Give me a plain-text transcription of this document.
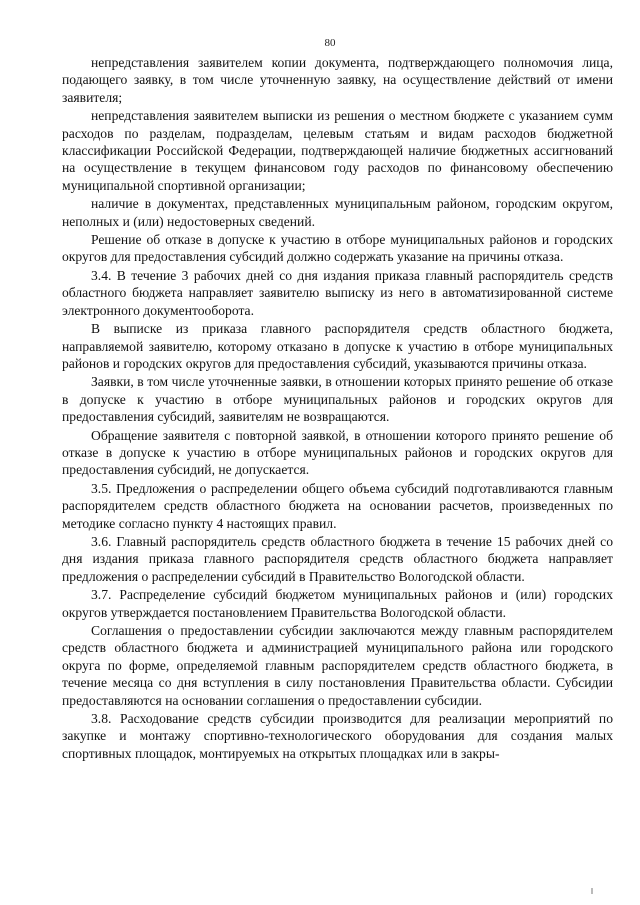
80

непредставления заявителем копии документа, подтверждающего полномочия лица, подающего заявку, в том числе уточненную заявку, на осуществление действий от имени заявителя;

непредставления заявителем выписки из решения о местном бюджете с указанием сумм расходов по разделам, подразделам, целевым статьям и видам расходов бюджетной классификации Российской Федерации, подтверждающей наличие бюджетных ассигнований на осуществление в текущем финансовом году расходов по финансовому обеспечению муниципальной спортивной организации;

наличие в документах, представленных муниципальным районом, городским округом, неполных и (или) недостоверных сведений.

Решение об отказе в допуске к участию в отборе муниципальных районов и городских округов для предоставления субсидий должно содержать указание на причины отказа.

3.4. В течение 3 рабочих дней со дня издания приказа главный распорядитель средств областного бюджета направляет заявителю выписку из него в автоматизированной системе электронного документооборота.

В выписке из приказа главного распорядителя средств областного бюджета, направляемой заявителю, которому отказано в допуске к участию в отборе муниципальных районов и городских округов для предоставления субсидий, указываются причины отказа.

Заявки, в том числе уточненные заявки, в отношении которых принято решение об отказе в допуске к участию в отборе муниципальных районов и городских округов для предоставления субсидий, заявителям не возвращаются.

Обращение заявителя с повторной заявкой, в отношении которого принято решение об отказе в допуске к участию в отборе муниципальных районов и городских округов для предоставления субсидий, не допускается.

3.5. Предложения о распределении общего объема субсидий подготавливаются главным распорядителем средств областного бюджета на основании расчетов, произведенных по методике согласно пункту 4 настоящих правил.

3.6. Главный распорядитель средств областного бюджета в течение 15 рабочих дней со дня издания приказа главного распорядителя средств областного бюджета направляет предложения о распределении субсидий в Правительство Вологодской области.

3.7. Распределение субсидий бюджетом муниципальных районов и (или) городских округов утверждается постановлением Правительства Вологодской области.

Соглашения о предоставлении субсидии заключаются между главным распорядителем средств областного бюджета и администрацией муниципального района или городского округа по форме, определяемой главным распорядителем средств областного бюджета, в течение месяца со дня вступления в силу постановления Правительства области. Субсидии предоставляются на основании соглашения о предоставлении субсидии.

3.8. Расходование средств субсидии производится для реализации мероприятий по закупке и монтажу спортивно-технологического оборудования для создания малых спортивных площадок, монтируемых на открытых площадках или в закры-
